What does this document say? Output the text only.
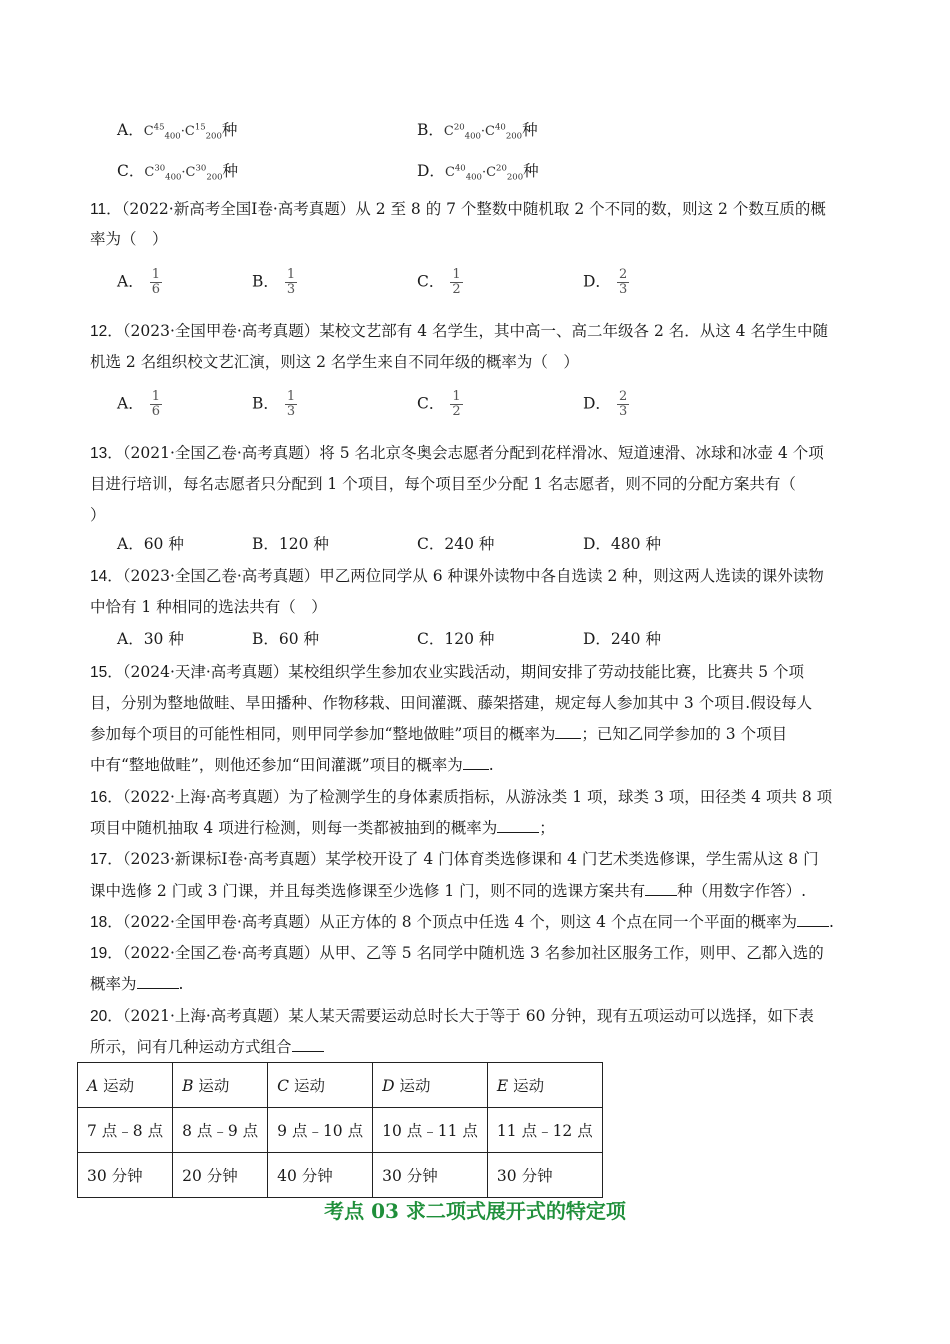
A．$C^{45}_{400}\cdot C^{15}_{200}$种	B．$C^{20}_{400}\cdot C^{40}_{200}$种
C．$C^{30}_{400}\cdot C^{30}_{200}$种	D．$C^{40}_{400}\cdot C^{20}_{200}$种
11．（2022·新高考全国Ⅰ卷·高考真题）从 2 至 8 的 7 个整数中随机取 2 个不同的数，则这 2 个数互质的概
率为（　）
A． $\frac{1}{6}$	B． $\frac{1}{3}$	C． $\frac{1}{2}$	D． $\frac{2}{3}$
12．（2023·全国甲卷·高考真题）某校文艺部有 4 名学生，其中高一、高二年级各 2 名．从这 4 名学生中随
机选 2 名组织校文艺汇演，则这 2 名学生来自不同年级的概率为（　）
A． $\frac{1}{6}$	B． $\frac{1}{3}$	C． $\frac{1}{2}$	D． $\frac{2}{3}$
13．（2021·全国乙卷·高考真题）将 5 名北京冬奥会志愿者分配到花样滑冰、短道速滑、冰球和冰壶 4 个项
目进行培训，每名志愿者只分配到 1 个项目，每个项目至少分配 1 名志愿者，则不同的分配方案共有（
）
A．60 种	B．120 种	C．240 种	D．480 种
14．（2023·全国乙卷·高考真题）甲乙两位同学从 6 种课外读物中各自选读 2 种，则这两人选读的课外读物
中恰有 1 种相同的选法共有（　）
A．30 种	B．60 种	C．120 种	D．240 种
15．（2024·天津·高考真题）某校组织学生参加农业实践活动，期间安排了劳动技能比赛，比赛共 5 个项
目，分别为整地做畦、旱田播种、作物移栽、田间灌溉、藤架搭建，规定每人参加其中 3 个项目.假设每人
参加每个项目的可能性相同，则甲同学参加“整地做畦”项目的概率为 ；已知乙同学参加的 3 个项目
中有“整地做畦”，则他还参加“田间灌溉”项目的概率为 .
16．（2022·上海·高考真题）为了检测学生的身体素质指标，从游泳类 1 项，球类 3 项，田径类 4 项共 8 项
项目中随机抽取 4 项进行检测，则每一类都被抽到的概率为	；
17．（2023·新课标Ⅰ卷·高考真题）某学校开设了 4 门体育类选修课和 4 门艺术类选修课，学生需从这 8 门
课中选修 2 门或 3 门课，并且每类选修课至少选修 1 门，则不同的选课方案共有 种（用数字作答）.
18．（2022·全国甲卷·高考真题）从正方体的 8 个顶点中任选 4 个，则这 4 个点在同一个平面的概率为 .
19．（2022·全国乙卷·高考真题）从甲、乙等 5 名同学中随机选 3 名参加社区服务工作，则甲、乙都入选的
概率为	.
20．（2021·上海·高考真题）某人某天需要运动总时长大于等于 60 分钟，现有五项运动可以选择，如下表
所示，问有几种运动方式组合
A 运动	B 运动	C 运动	D 运动	E 运动
7 点﹣8 点	8 点﹣9 点	9 点﹣10 点	10 点﹣11 点	11 点﹣12 点
30 分钟	20 分钟	40 分钟	30 分钟	30 分钟
考点 03 求二项式展开式的特定项
